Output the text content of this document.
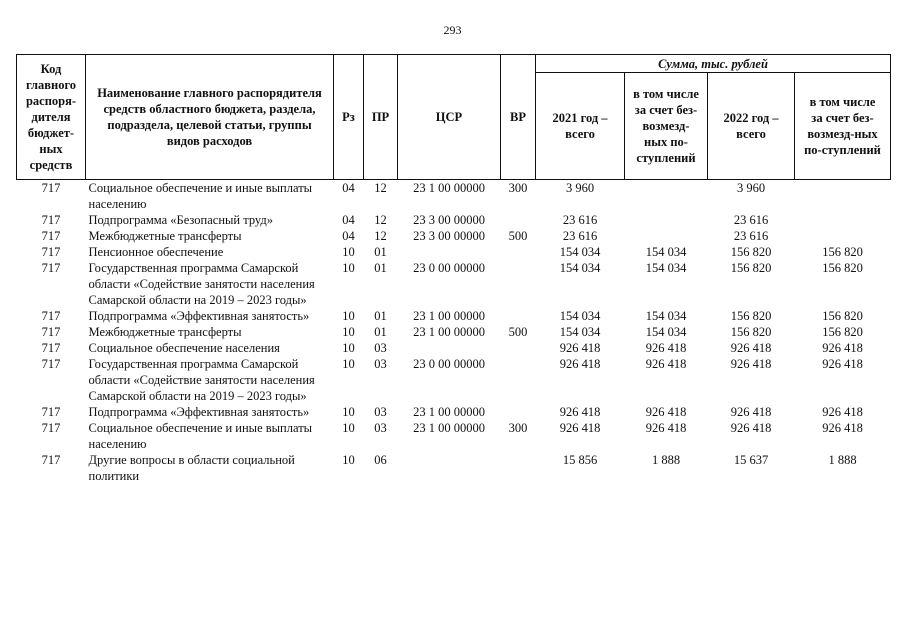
293
Код главного распоря-дителя бюджет-ных средств	Наименование главного распорядителя средств областного бюджета, раздела, подраздела, целевой статьи, группы видов расходов	Рз	ПР	ЦСР	ВР	Сумма, тыс. рублей			
						2021 год – всего	в том числе за счет без-возмезд-ных по-ступлений	2022 год – всего	в том числе за счет без-возмезд-ных по-ступлений
717	Социальное обеспечение и иные выплаты населению	04	12	23 1 00 00000	300	3 960		3 960	
717	Подпрограмма «Безопасный труд»	04	12	23 3 00 00000		23 616		23 616	
717	Межбюджетные трансферты	04	12	23 3 00 00000	500	23 616		23 616	
717	Пенсионное обеспечение	10	01			154 034	154 034	156 820	156 820
717	Государственная программа Самарской области «Содействие занятости населения Самарской области на 2019 – 2023 годы»	10	01	23 0 00 00000		154 034	154 034	156 820	156 820
717	Подпрограмма «Эффективная занятость»	10	01	23 1 00 00000		154 034	154 034	156 820	156 820
717	Межбюджетные трансферты	10	01	23 1 00 00000	500	154 034	154 034	156 820	156 820
717	Социальное обеспечение населения	10	03			926 418	926 418	926 418	926 418
717	Государственная программа Самарской области «Содействие занятости населения Самарской области на 2019 – 2023 годы»	10	03	23 0 00 00000		926 418	926 418	926 418	926 418
717	Подпрограмма «Эффективная занятость»	10	03	23 1 00 00000		926 418	926 418	926 418	926 418
717	Социальное обеспечение и иные выплаты населению	10	03	23 1 00 00000	300	926 418	926 418	926 418	926 418
717	Другие вопросы в области социальной политики	10	06			15 856	1 888	15 637	1 888
